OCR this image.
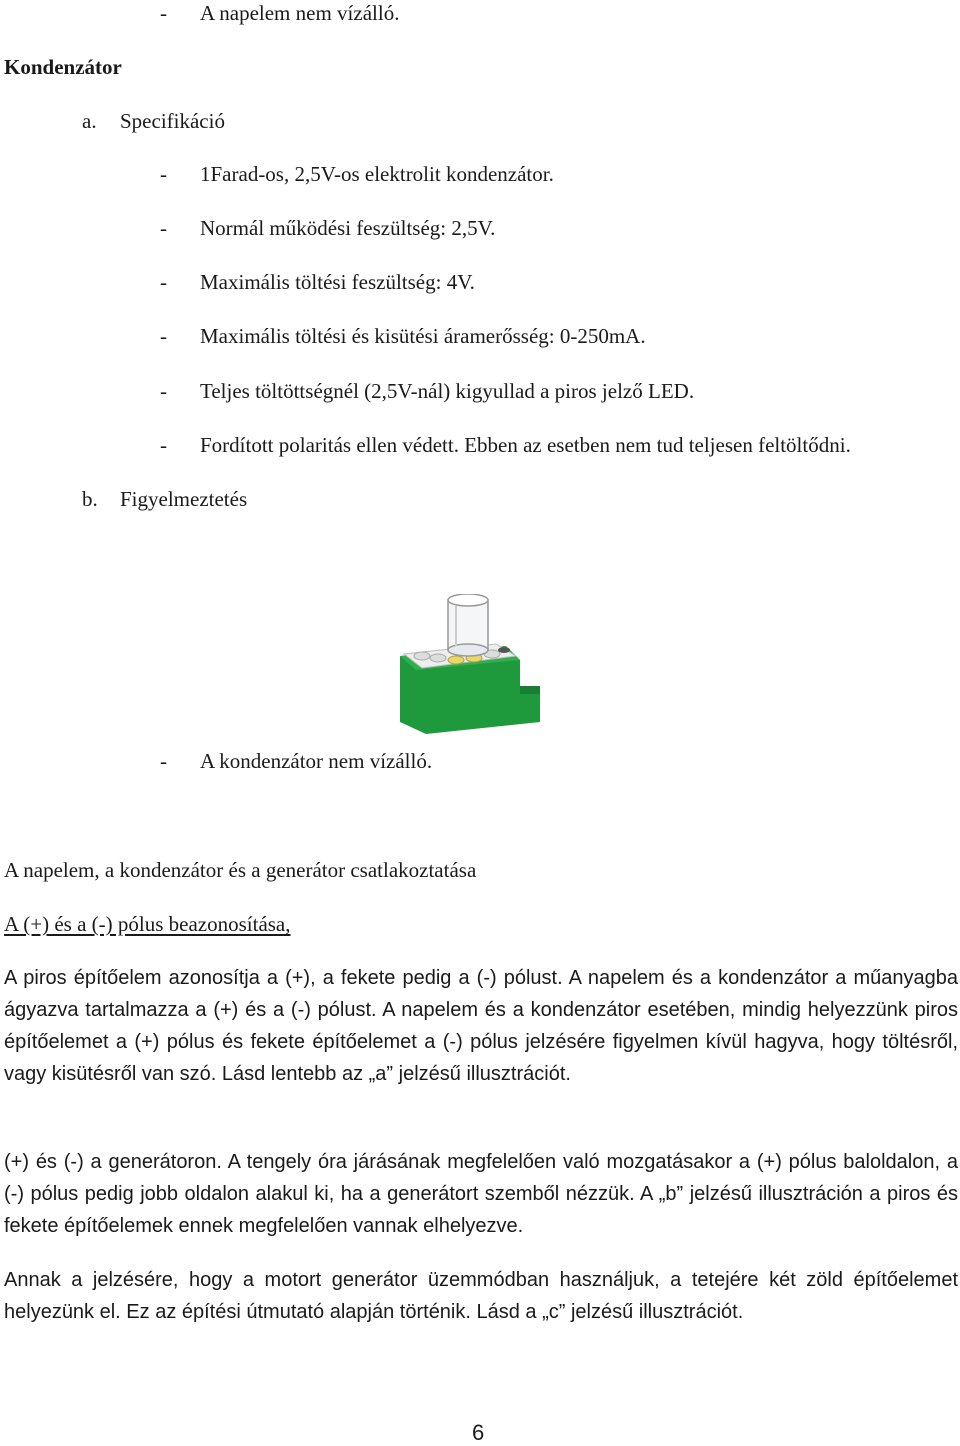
- A napelem nem vízálló.
Kondenzátor
a. Specifikáció
- 1Farad-os, 2,5V-os elektrolit kondenzátor.
- Normál működési feszültség: 2,5V.
- Maximális töltési feszültség: 4V.
- Maximális töltési és kisütési áramerősség: 0-250mA.
- Teljes töltöttségnél (2,5V-nál) kigyullad a piros jelző LED.
- Fordított polaritás ellen védett. Ebben az esetben nem tud teljesen feltöltődni.
b. Figyelmeztetés
- A kondenzátor nem vízálló.
A napelem, a kondenzátor és a generátor csatlakoztatása
A (+) és a (-) pólus beazonosítása,
A piros építőelem azonosítja a (+), a fekete pedig a (-) pólust. A napelem és a kondenzátor a műanyagba ágyazva tartalmazza a (+) és a (-) pólust. A napelem és a kondenzátor esetében, mindig helyezzünk piros építőelemet a (+) pólus és fekete építőelemet a (-) pólus jelzésére figyelmen kívül hagyva, hogy töltésről, vagy kisütésről van szó. Lásd lentebb az „a” jelzésű illusztrációt.
(+) és (-) a generátoron. A tengely óra járásának megfelelően való mozgatásakor a (+) pólus baloldalon, a (-) pólus pedig jobb oldalon alakul ki, ha a generátort szemből nézzük. A „b” jelzésű illusztráción a piros és fekete építőelemek ennek megfelelően vannak elhelyezve.
Annak a jelzésére, hogy a motort generátor üzemmódban használjuk, a tetejére két zöld építőelemet helyezünk el. Ez az építési útmutató alapján történik. Lásd a „c” jelzésű illusztrációt.
6
